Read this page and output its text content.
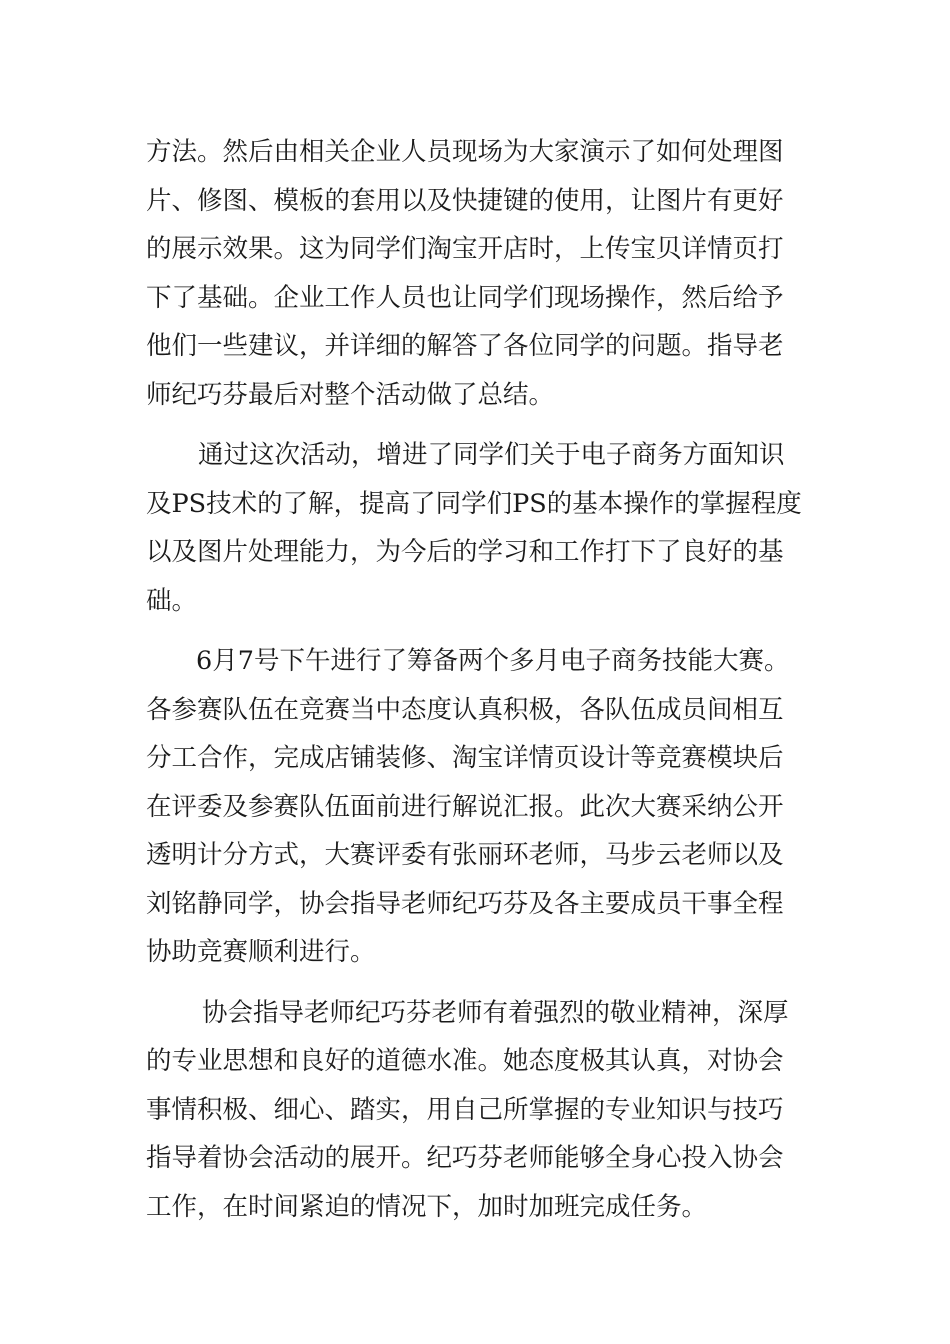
方法。然后由相关企业人员现场为大家演示了如何处理图
片、修图、模板的套用以及快捷键的使用，让图片有更好
的展示效果。这为同学们淘宝开店时，上传宝贝详情页打
下了基础。企业工作人员也让同学们现场操作，然后给予
他们一些建议，并详细的解答了各位同学的问题。指导老
师纪巧芬最后对整个活动做了总结。
通过这次活动，增进了同学们关于电子商务方面知识
及PS技术的了解，提高了同学们PS的基本操作的掌握程度
以及图片处理能力，为今后的学习和工作打下了良好的基
础。
6月7号下午进行了筹备两个多月电子商务技能大赛。
各参赛队伍在竞赛当中态度认真积极，各队伍成员间相互
分工合作，完成店铺装修、淘宝详情页设计等竞赛模块后
在评委及参赛队伍面前进行解说汇报。此次大赛采纳公开
透明计分方式，大赛评委有张丽环老师，马步云老师以及
刘铭静同学，协会指导老师纪巧芬及各主要成员干事全程
协助竞赛顺利进行。
协会指导老师纪巧芬老师有着强烈的敬业精神，深厚
的专业思想和良好的道德水准。她态度极其认真，对协会
事情积极、细心、踏实，用自己所掌握的专业知识与技巧
指导着协会活动的展开。纪巧芬老师能够全身心投入协会
工作，在时间紧迫的情况下，加时加班完成任务。
